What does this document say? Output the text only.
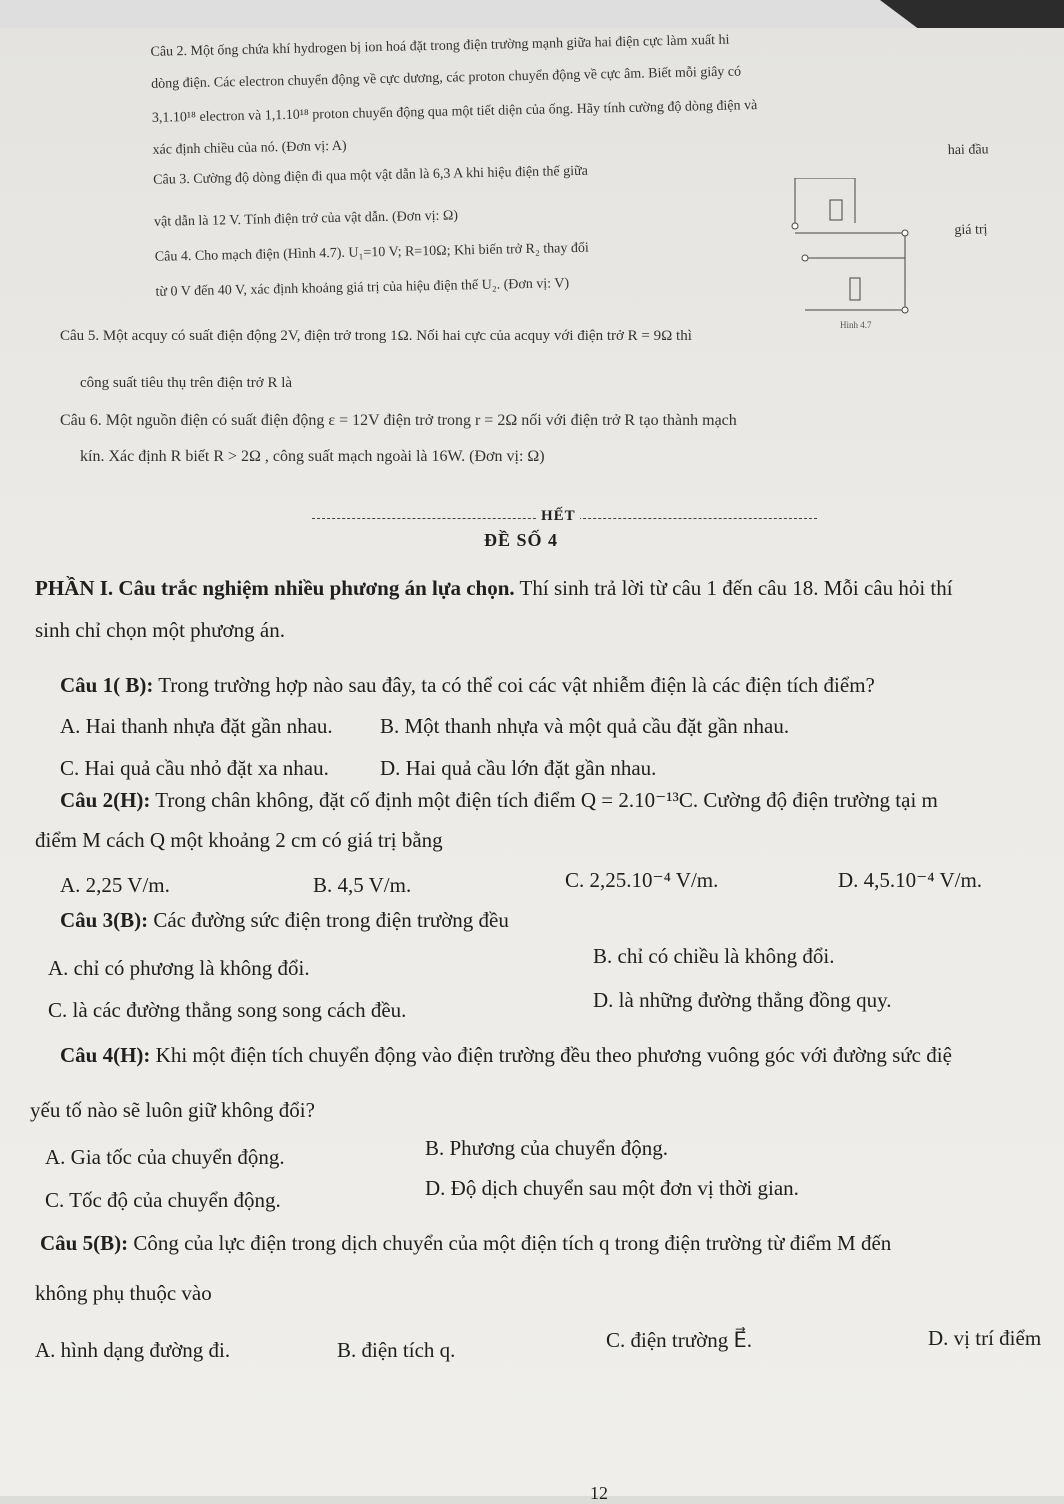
Câu 2. Một ống chứa khí hydrogen bị ion hoá đặt trong điện trường mạnh giữa hai điện cực làm xuất hi
dòng điện. Các electron chuyển động về cực dương, các proton chuyển động về cực âm. Biết mỗi giây có
3,1.10¹⁸ electron và 1,1.10¹⁸ proton chuyển động qua một tiết diện của ống. Hãy tính cường độ dòng điện và
xác định chiều của nó. (Đơn vị: A)
Câu 3. Cường độ dòng điện đi qua một vật dẫn là 6,3 A khi hiệu điện thế giữa
hai đầu
vật dẫn là 12 V. Tính điện trở của vật dẫn. (Đơn vị: Ω)
Câu 4. Cho mạch điện (Hình 4.7). U₁=10 V; R=10Ω; Khi biến trở R₂ thay đổi
giá trị
từ 0 V đến 40 V, xác định khoảng giá trị của hiệu điện thế U₂. (Đơn vị: V)
Hình 4.7
Câu 5. Một acquy có suất điện động 2V, điện trở trong 1Ω. Nối hai cực của acquy với điện trở R = 9Ω thì
công suất tiêu thụ trên điện trở R là
Câu 6. Một nguồn điện có suất điện động ε = 12V điện trở trong r = 2Ω nối với điện trở R tạo thành mạch
kín. Xác định R biết R > 2Ω , công suất mạch ngoài là 16W. (Đơn vị: Ω)
HẾT
ĐỀ SỐ 4
PHẦN I. Câu trắc nghiệm nhiều phương án lựa chọn. Thí sinh trả lời từ câu 1 đến câu 18. Mỗi câu hỏi thí
sinh chỉ chọn một phương án.
Câu 1( B): Trong trường hợp nào sau đây, ta có thể coi các vật nhiễm điện là các điện tích điểm?
A. Hai thanh nhựa đặt gần nhau. B. Một thanh nhựa và một quả cầu đặt gần nhau.
C. Hai quả cầu nhỏ đặt xa nhau. D. Hai quả cầu lớn đặt gần nhau.
Câu 2(H): Trong chân không, đặt cố định một điện tích điểm Q = 2.10⁻¹³C. Cường độ điện trường tại m
điểm M cách Q một khoảng 2 cm có giá trị bằng
A. 2,25 V/m.	B. 4,5 V/m.	C. 2,25.10⁻⁴ V/m.	D. 4,5.10⁻⁴ V/m.
Câu 3(B): Các đường sức điện trong điện trường đều
A. chỉ có phương là không đổi.	B. chỉ có chiều là không đổi.
C. là các đường thẳng song song cách đều.	D. là những đường thẳng đồng quy.
Câu 4(H): Khi một điện tích chuyển động vào điện trường đều theo phương vuông góc với đường sức điệ
yếu tố nào sẽ luôn giữ không đổi?
A. Gia tốc của chuyển động.	B. Phương của chuyển động.
C. Tốc độ của chuyển động.	D. Độ dịch chuyển sau một đơn vị thời gian.
Câu 5(B): Công của lực điện trong dịch chuyển của một điện tích q trong điện trường từ điểm M đến
không phụ thuộc vào
A. hình dạng đường đi.	B. điện tích q.	C. điện trường E⃗.	D. vị trí điểm
12
